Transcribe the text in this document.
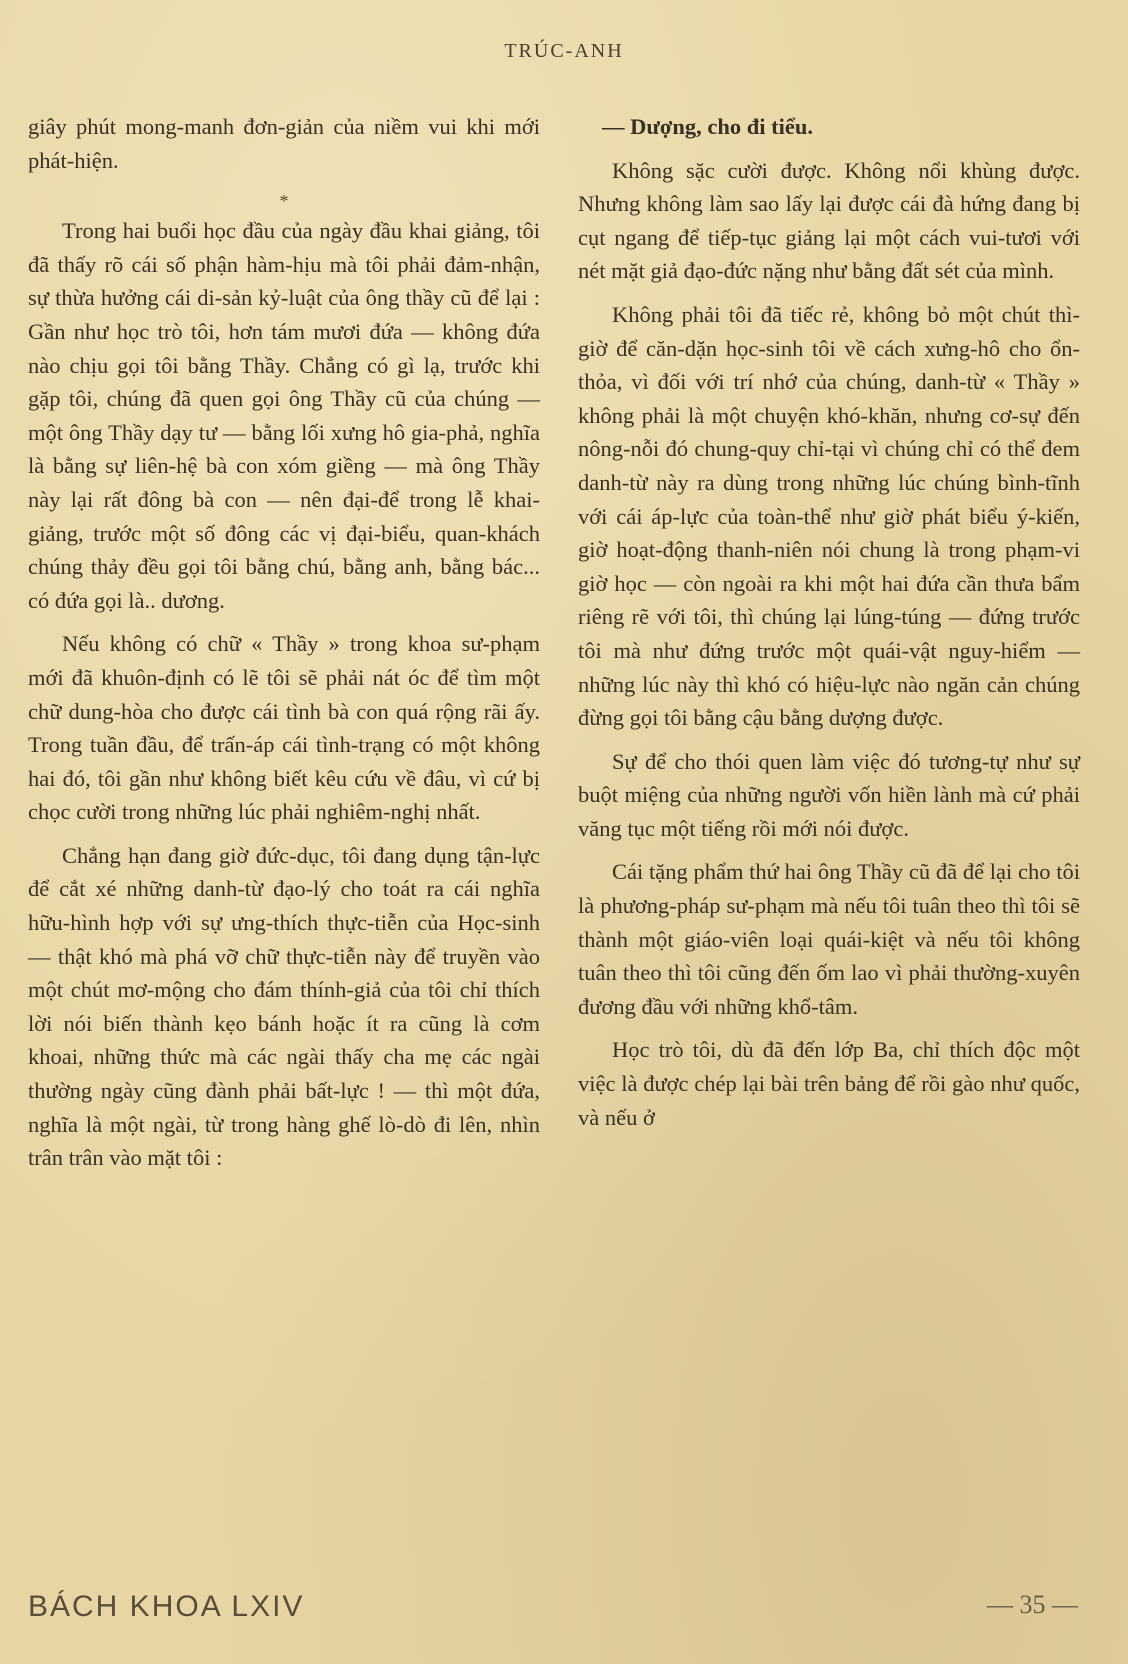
TRÚC-ANH

giây phút mong-manh đơn-giản của niềm vui khi mới phát-hiện.

*

Trong hai buổi học đầu của ngày đầu khai giảng, tôi đã thấy rõ cái số phận hàm-hịu mà tôi phải đảm-nhận, sự thừa hưởng cái di-sản kỷ-luật của ông thầy cũ để lại : Gần như học trò tôi, hơn tám mươi đứa — không đứa nào chịu gọi tôi bằng Thầy. Chẳng có gì lạ, trước khi gặp tôi, chúng đã quen gọi ông Thầy cũ của chúng — một ông Thầy dạy tư — bằng lối xưng hô gia-phả, nghĩa là bằng sự liên-hệ bà con xóm giềng — mà ông Thầy này lại rất đông bà con — nên đại-để trong lễ khai-giảng, trước một số đông các vị đại-biểu, quan-khách chúng thảy đều gọi tôi bằng chú, bằng anh, bằng bác... có đứa gọi là.. dương.

Nếu không có chữ « Thầy » trong khoa sư-phạm mới đã khuôn-định có lẽ tôi sẽ phải nát óc để tìm một chữ dung-hòa cho được cái tình bà con quá rộng rãi ấy. Trong tuần đầu, để trấn-áp cái tình-trạng có một không hai đó, tôi gần như không biết kêu cứu về đâu, vì cứ bị chọc cười trong những lúc phải nghiêm-nghị nhất.

Chẳng hạn đang giờ đức-dục, tôi đang dụng tận-lực để cắt xé những danh-từ đạo-lý cho toát ra cái nghĩa hữu-hình hợp với sự ưng-thích thực-tiễn của Học-sinh — thật khó mà phá vỡ chữ thực-tiễn này để truyền vào một chút mơ-mộng cho đám thính-giả của tôi chỉ thích lời nói biến thành kẹo bánh hoặc ít ra cũng là cơm khoai, những thức mà các ngài thấy cha mẹ các ngài thường ngày cũng đành phải bất-lực ! — thì một đứa, nghĩa là một ngài, từ trong hàng ghế lò-dò đi lên, nhìn trân trân vào mặt tôi :

— Dượng, cho đi tiểu.

Không sặc cười được. Không nổi khùng được. Nhưng không làm sao lấy lại được cái đà hứng đang bị cụt ngang để tiếp-tục giảng lại một cách vui-tươi với nét mặt giả đạo-đức nặng như bằng đất sét của mình.

Không phải tôi đã tiếc rẻ, không bỏ một chút thì-giờ để căn-dặn học-sinh tôi về cách xưng-hô cho ổn-thỏa, vì đối với trí nhớ của chúng, danh-từ « Thầy » không phải là một chuyện khó-khăn, nhưng cơ-sự đến nông-nỗi đó chung-quy chỉ-tại vì chúng chỉ có thể đem danh-từ này ra dùng trong những lúc chúng bình-tĩnh với cái áp-lực của toàn-thể như giờ phát biểu ý-kiến, giờ hoạt-động thanh-niên nói chung là trong phạm-vi giờ học — còn ngoài ra khi một hai đứa cần thưa bẩm riêng rẽ với tôi, thì chúng lại lúng-túng — đứng trước tôi mà như đứng trước một quái-vật nguy-hiểm — những lúc này thì khó có hiệu-lực nào ngăn cản chúng đừng gọi tôi bằng cậu bằng dượng được.

Sự để cho thói quen làm việc đó tương-tự như sự buột miệng của những người vốn hiền lành mà cứ phải văng tục một tiếng rồi mới nói được.

Cái tặng phẩm thứ hai ông Thầy cũ đã để lại cho tôi là phương-pháp sư-phạm mà nếu tôi tuân theo thì tôi sẽ thành một giáo-viên loại quái-kiệt và nếu tôi không tuân theo thì tôi cũng đến ốm lao vì phải thường-xuyên đương đầu với những khổ-tâm.

Học trò tôi, dù đã đến lớp Ba, chỉ thích độc một việc là được chép lại bài trên bảng để rồi gào như quốc, và nếu ở

BÁCH KHOA LXIV	— 35 —
